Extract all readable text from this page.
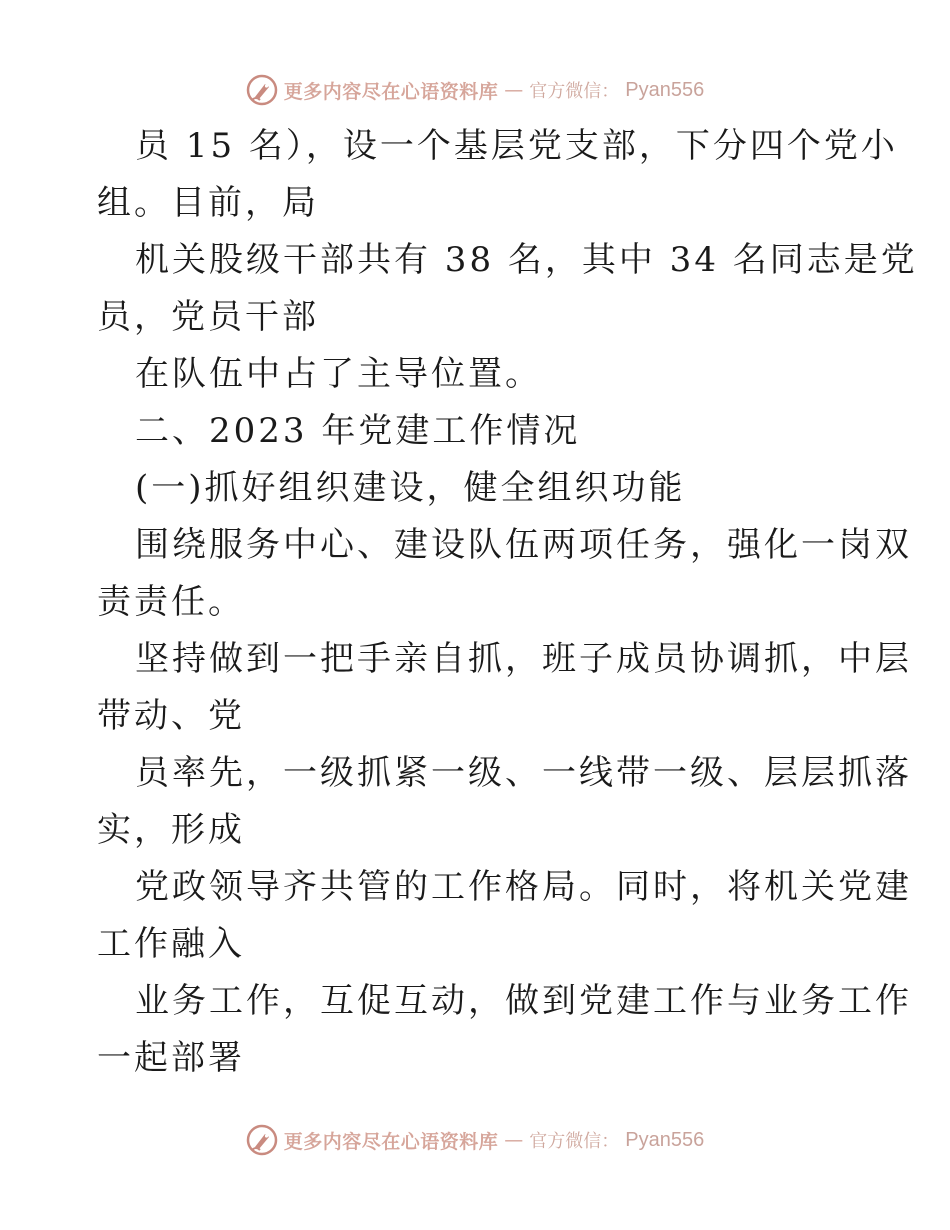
更多内容尽在心语资料库 — 官方微信： Pyan556
员 15 名），设一个基层党支部，下分四个党小
组。目前，局
机关股级干部共有 38 名，其中 34 名同志是党
员，党员干部
在队伍中占了主导位置。
二、2023 年党建工作情况
(一)抓好组织建设，健全组织功能
围绕服务中心、建设队伍两项任务，强化一岗双
责责任。
坚持做到一把手亲自抓，班子成员协调抓，中层
带动、党
员率先，一级抓紧一级、一线带一级、层层抓落
实，形成
党政领导齐共管的工作格局。同时，将机关党建
工作融入
业务工作，互促互动，做到党建工作与业务工作
一起部署
更多内容尽在心语资料库 — 官方微信： Pyan556
